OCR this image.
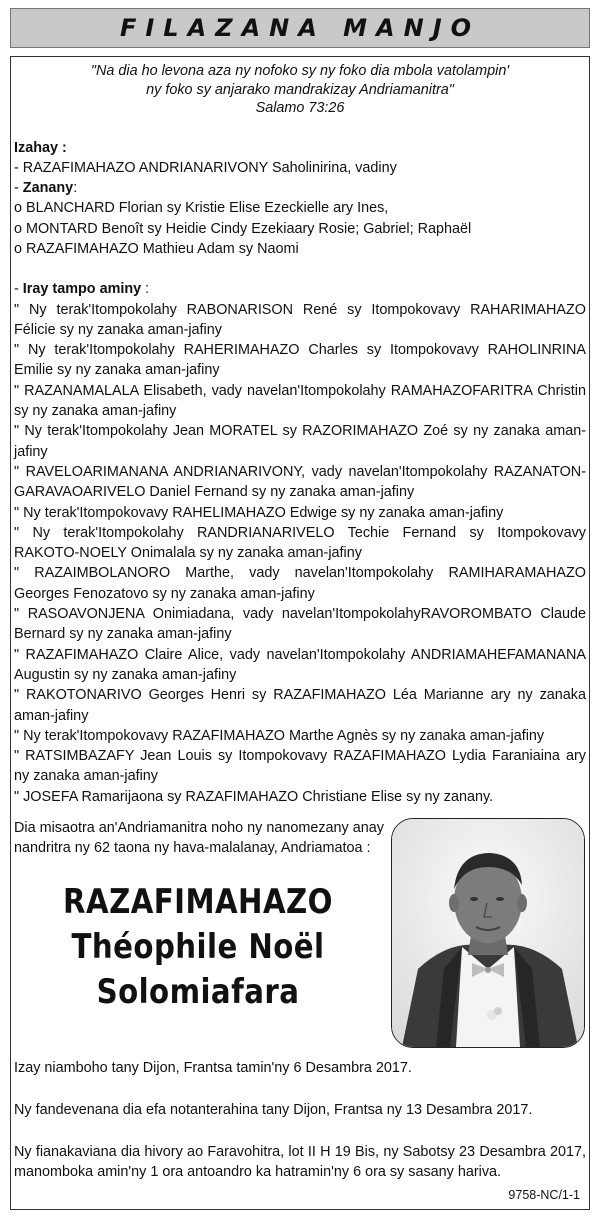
FILAZANA MANJO
"Na dia ho levona aza ny nofoko sy ny foko dia mbola vatolampin'
ny foko sy anjarako mandrakizay Andriamanitra"
Salamo 73:26
Izahay :
- RAZAFIMAHAZO ANDRIANARIVONY Saholinirina, vadiny
- Zanany:
o BLANCHARD Florian sy Kristie Elise Ezeckielle ary Ines,
o MONTARD Benoît sy Heidie Cindy Ezekiaary Rosie; Gabriel; Raphaël
o RAZAFIMAHAZO Mathieu Adam sy Naomi
- Iray tampo aminy :
" Ny terak'Itompokolahy RABONARISON René sy Itompokovavy RAHARIMAHAZO Félicie sy ny zanaka aman-jafiny
" Ny terak'Itompokolahy RAHERIMAHAZO Charles sy Itompokovavy RAHOLINRINA Emilie sy ny zanaka aman-jafiny
" RAZANAMALALA Elisabeth, vady navelan'Itompokolahy RAMAHAZOFARITRA Christin sy ny zanaka aman-jafiny
" Ny terak'Itompokolahy Jean MORATEL sy RAZORIMAHAZO Zoé sy ny zanaka aman-jafiny
" RAVELOARIMANANA ANDRIANARIVONY, vady navelan'Itompokolahy RAZANATON-GARAVAOARIVELO Daniel Fernand sy ny zanaka aman-jafiny
" Ny terak'Itompokovavy RAHELIMAHAZO Edwige sy ny zanaka aman-jafiny
" Ny terak'Itompokolahy RANDRIANARIVELO Techie Fernand sy Itompokovavy RAKOTO-NOELY Onimalala sy ny zanaka aman-jafiny
" RAZAIMBOLANORO Marthe, vady navelan'Itompokolahy RAMIHARAMAHAZO Georges Fenozatovo sy ny zanaka aman-jafiny
" RASOAVONJENA Onimiadana, vady navelan'ItompokolahyRAVOROMBATO Claude Bernard sy ny zanaka aman-jafiny
" RAZAFIMAHAZO Claire Alice, vady navelan'Itompokolahy ANDRIAMAHEFAMANANA Augustin sy ny zanaka aman-jafiny
" RAKOTONARIVO Georges Henri sy RAZAFIMAHAZO Léa Marianne ary ny zanaka aman-jafiny
" Ny terak'Itompokovavy RAZAFIMAHAZO Marthe Agnès sy ny zanaka aman-jafiny
" RATSIMBAZAFY Jean Louis sy Itompokovavy RAZAFIMAHAZO Lydia Faraniaina ary ny zanaka aman-jafiny
" JOSEFA Ramarijaona sy RAZAFIMAHAZO Christiane Elise sy ny zanany.
Dia misaotra an'Andriamanitra noho ny nanomezany anay nandritra ny 62 taona ny hava-malalanay, Andriamatoa :
RAZAFIMAHAZO
Théophile Noël
Solomiafara
Izay niamboho tany Dijon, Frantsa tamin'ny 6 Desambra 2017.
Ny fandevenana dia efa notanterahina tany Dijon, Frantsa ny 13 Desambra 2017.
Ny fianakaviana dia hivory ao Faravohitra, lot II H 19 Bis, ny Sabotsy 23 Desambra 2017, manomboka amin'ny 1 ora antoandro ka hatramin'ny 6 ora sy sasany hariva.
9758-NC/1-1
